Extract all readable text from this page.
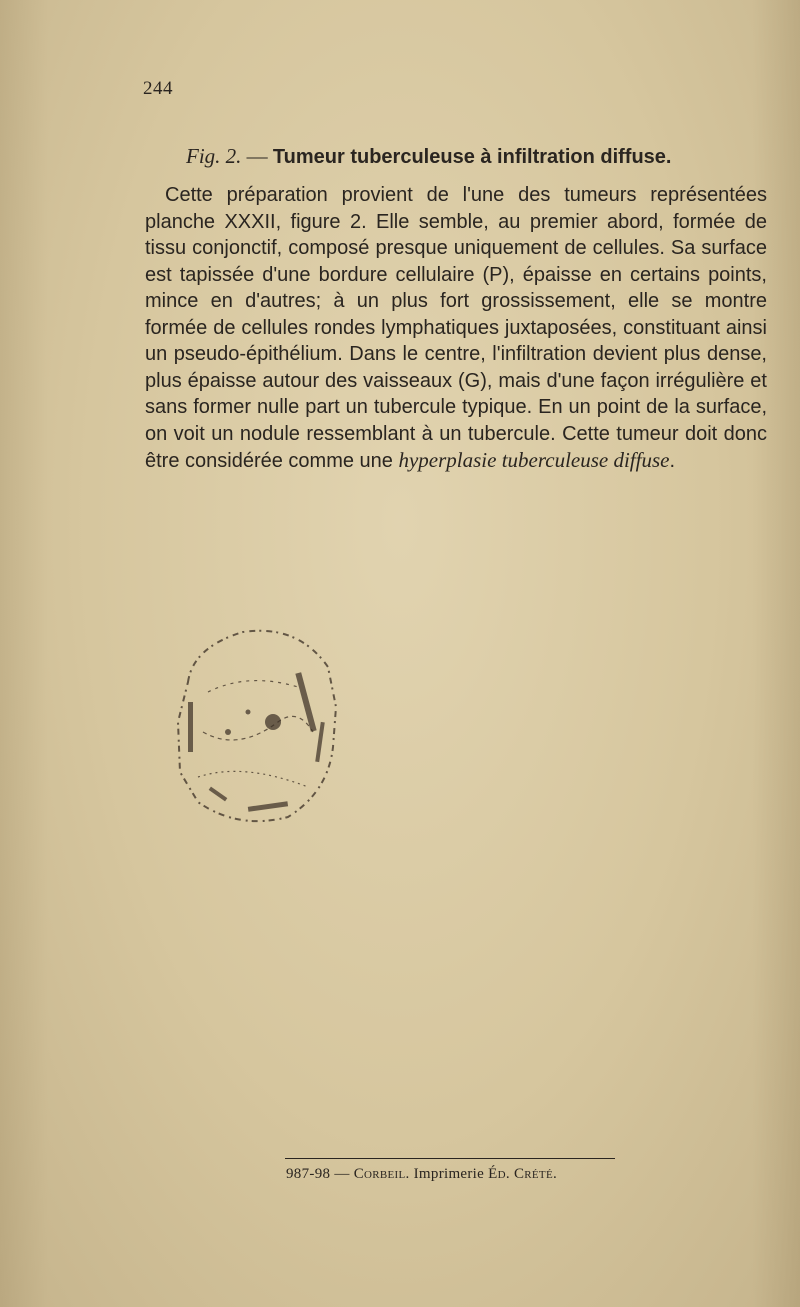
244
Fig. 2. — Tumeur tuberculeuse à infiltration diffuse.

Cette préparation provient de l'une des tumeurs représentées planche XXXII, figure 2. Elle semble, au premier abord, formée de tissu conjonctif, composé presque uniquement de cellules. Sa surface est tapissée d'une bordure cellulaire (P), épaisse en certains points, mince en d'autres; à un plus fort grossissement, elle se montre formée de cellules rondes lymphatiques juxtaposées, constituant ainsi un pseudo-épithélium. Dans le centre, l'infiltration devient plus dense, plus épaisse autour des vaisseaux (G), mais d'une façon irrégulière et sans former nulle part un tubercule typique. En un point de la surface, on voit un nodule ressemblant à un tubercule. Cette tumeur doit donc être considérée comme une hyperplasie tuberculeuse diffuse.

987-98 — Corbeil. Imprimerie Éd. Crété.
